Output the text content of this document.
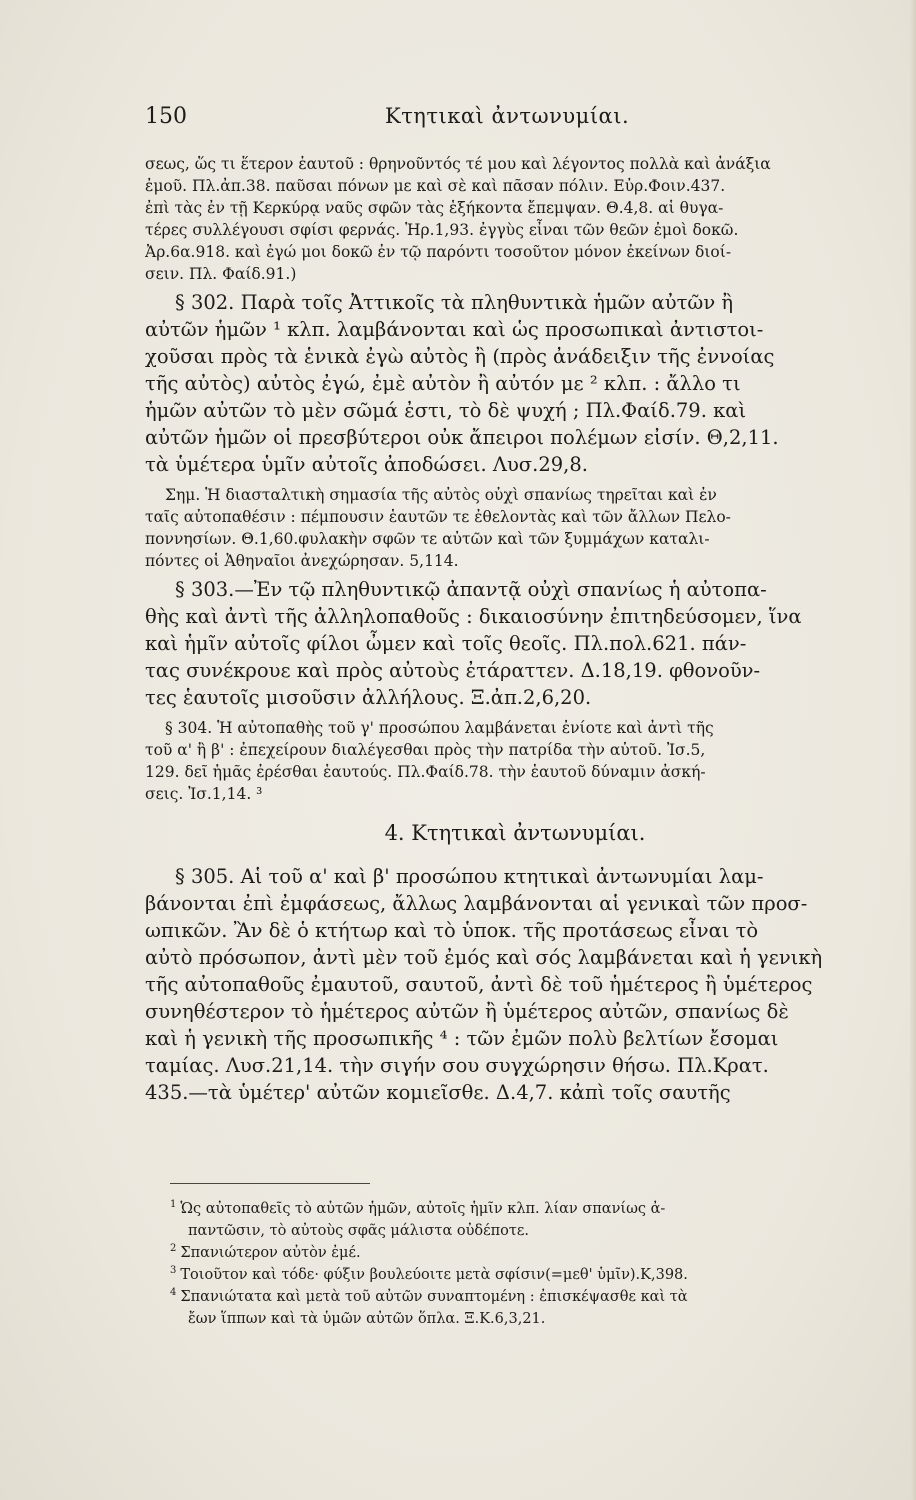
150	Κτητικαὶ ἀντωνυμίαι.
σεως, ὥς τι ἕτερον ἑαυτοῦ : θρηνοῦντός τέ μου καὶ λέγοντος πολλὰ καὶ ἀνάξια
ἐμοῦ. Πλ.ἀπ.38. παῦσαι πόνων με καὶ σὲ καὶ πᾶσαν πόλιν. Εὐρ.Φοιν.437.
ἐπὶ τὰς ἐν τῇ Κερκύρᾳ ναῦς σφῶν τὰς ἑξήκοντα ἔπεμψαν. Θ.4,8. αἱ θυγα-
τέρες συλλέγουσι σφίσι φερνάς. Ἡρ.1,93. ἐγγὺς εἶναι τῶν θεῶν ἐμοὶ δοκῶ.
Ἀρ.6α.918. καὶ ἐγώ μοι δοκῶ ἐν τῷ παρόντι τοσοῦτον μόνον ἐκείνων διοί-
σειν. Πλ. Φαίδ.91.)
§ 302. Παρὰ τοῖς Ἀττικοῖς τὰ πληθυντικὰ ἡμῶν αὐτῶν ἢ
αὐτῶν ἡμῶν ¹ κλπ. λαμβάνονται καὶ ὡς προσωπικαὶ ἀντιστοι-
χοῦσαι πρὸς τὰ ἑνικὰ ἐγὼ αὐτὸς ἢ (πρὸς ἀνάδειξιν τῆς ἐννοίας
τῆς αὐτὸς) αὐτὸς ἐγώ, ἐμὲ αὐτὸν ἢ αὐτόν με ² κλπ. : ἄλλο τι
ἡμῶν αὐτῶν τὸ μὲν σῶμά ἐστι, τὸ δὲ ψυχή ; Πλ.Φαίδ.79. καὶ
αὐτῶν ἡμῶν οἱ πρεσβύτεροι οὐκ ἄπειροι πολέμων εἰσίν. Θ,2,11.
τὰ ὑμέτερα ὑμῖν αὐτοῖς ἀποδώσει. Λυσ.29,8.
Σημ. Ἡ διασταλτικὴ σημασία τῆς αὐτὸς οὐχὶ σπανίως τηρεῖται καὶ ἐν
ταῖς αὐτοπαθέσιν : πέμπουσιν ἑαυτῶν τε ἐθελοντὰς καὶ τῶν ἄλλων Πελο-
ποννησίων. Θ.1,60.φυλακὴν σφῶν τε αὐτῶν καὶ τῶν ξυμμάχων καταλι-
πόντες οἱ Ἀθηναῖοι ἀνεχώρησαν. 5,114.
§ 303.—Ἐν τῷ πληθυντικῷ ἀπαντᾷ οὐχὶ σπανίως ἡ αὐτοπα-
θὴς καὶ ἀντὶ τῆς ἀλληλοπαθοῦς : δικαιοσύνην ἐπιτηδεύσομεν, ἵνα
καὶ ἡμῖν αὐτοῖς φίλοι ὦμεν καὶ τοῖς θεοῖς. Πλ.πολ.621. πάν-
τας συνέκρουε καὶ πρὸς αὐτοὺς ἐτάραττεν. Δ.18,19. φθονοῦν-
τες ἑαυτοῖς μισοῦσιν ἀλλήλους. Ξ.ἀπ.2,6,20.
§ 304. Ἡ αὐτοπαθὴς τοῦ γ' προσώπου λαμβάνεται ἐνίοτε καὶ ἀντὶ τῆς
τοῦ α' ἢ β' : ἐπεχείρουν διαλέγεσθαι πρὸς τὴν πατρίδα τὴν αὐτοῦ. Ἰσ.5,
129. δεῖ ἡμᾶς ἐρέσθαι ἑαυτούς. Πλ.Φαίδ.78. τὴν ἑαυτοῦ δύναμιν ἀσκή-
σεις. Ἰσ.1,14. ³
4. Κτητικαὶ ἀντωνυμίαι.
§ 305. Αἱ τοῦ α' καὶ β' προσώπου κτητικαὶ ἀντωνυμίαι λαμ-
βάνονται ἐπὶ ἐμφάσεως, ἄλλως λαμβάνονται αἱ γενικαὶ τῶν προσ-
ωπικῶν. Ἂν δὲ ὁ κτήτωρ καὶ τὸ ὑποκ. τῆς προτάσεως εἶναι τὸ
αὐτὸ πρόσωπον, ἀντὶ μὲν τοῦ ἐμός καὶ σός λαμβάνεται καὶ ἡ γενικὴ
τῆς αὐτοπαθοῦς ἐμαυτοῦ, σαυτοῦ, ἀντὶ δὲ τοῦ ἡμέτερος ἢ ὑμέτερος
συνηθέστερον τὸ ἡμέτερος αὐτῶν ἢ ὑμέτερος αὐτῶν, σπανίως δὲ
καὶ ἡ γενικὴ τῆς προσωπικῆς ⁴ : τῶν ἐμῶν πολὺ βελτίων ἔσομαι
ταμίας. Λυσ.21,14. τὴν σιγήν σου συγχώρησιν θήσω. Πλ.Κρατ.
435.—τὰ ὑμέτερ' αὐτῶν κομιεῖσθε. Δ.4,7. κἀπὶ τοῖς σαυτῆς
$^1$ Ὡς αὐτοπαθεῖς τὸ αὐτῶν ἡμῶν, αὐτοῖς ἡμῖν κλπ. λίαν σπανίως ἀ-
παντῶσιν, τὸ αὐτοὺς σφᾶς μάλιστα οὐδέποτε.
$^2$ Σπανιώτερον αὐτὸν ἐμέ.
$^3$ Τοιοῦτον καὶ τόδε· φύξιν βουλεύοιτε μετὰ σφίσιν(=μεθ' ὑμῖν).Κ,398.
$^4$ Σπανιώτατα καὶ μετὰ τοῦ αὐτῶν συναπτομένη : ἐπισκέψασθε καὶ τὰ
ἔων ἵππων καὶ τὰ ὑμῶν αὐτῶν ὅπλα. Ξ.Κ.6,3,21.
